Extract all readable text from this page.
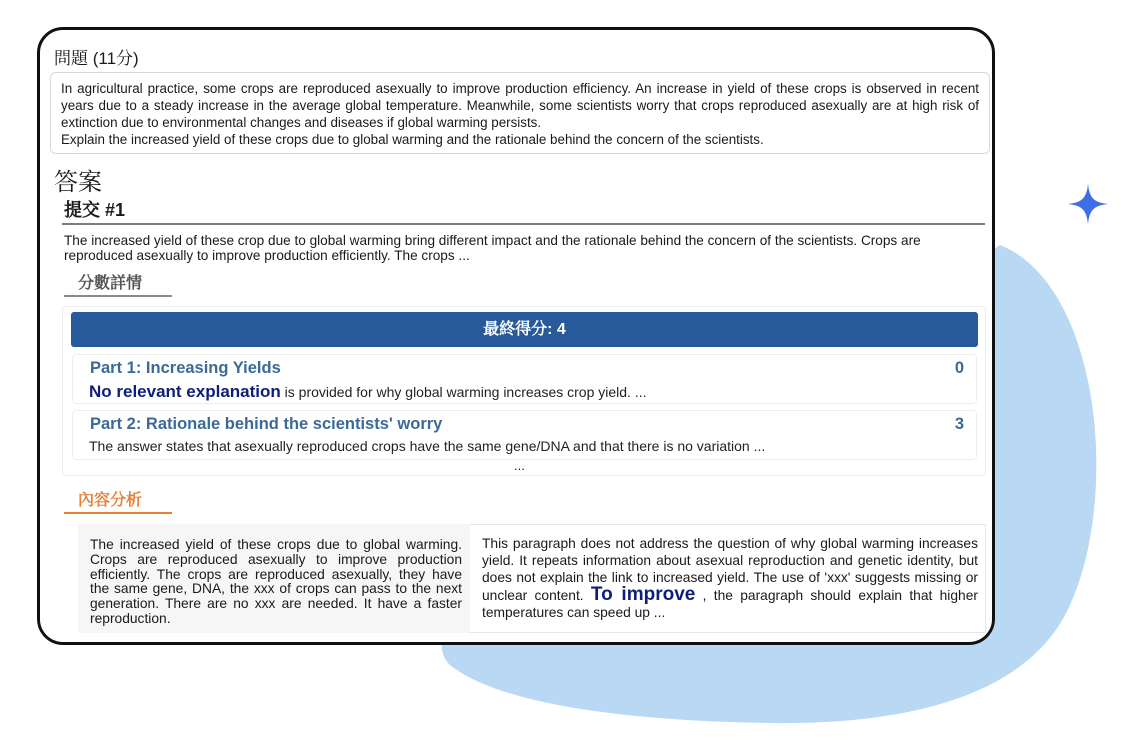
問題 (11分)

In agricultural practice, some crops are reproduced asexually to improve production efficiency. An increase in yield of these crops is observed in recent years due to a steady increase in the average global temperature. Meanwhile, some scientists worry that crops reproduced asexually are at high risk of extinction due to environmental changes and diseases if global warming persists.

Explain the increased yield of these crops due to global warming and the rationale behind the concern of the scientists.

答案
提交 #1
The increased yield of these crop due to global warming bring different impact and the rationale behind the concern of the scientists. Crops are reproduced asexually to improve production efficiently. The crops ...
分數詳情
最終得分: 4
Part 1: Increasing Yields	0
No relevant explanation is provided for why global warming increases crop yield. ...
Part 2: Rationale behind the scientists' worry	3
The answer states that asexually reproduced crops have the same gene/DNA and that there is no variation ...
...
內容分析
The increased yield of these crops due to global warming. Crops are reproduced asexually to improve production efficiently. The crops are reproduced asexually, they have the same gene, DNA, the xxx of crops can pass to the next generation. There are no xxx are needed. It have a faster reproduction.
This paragraph does not address the question of why global warming increases yield. It repeats information about asexual reproduction and genetic identity, but does not explain the link to increased yield. The use of 'xxx' suggests missing or unclear content. To improve , the paragraph should explain that higher temperatures can speed up ...
